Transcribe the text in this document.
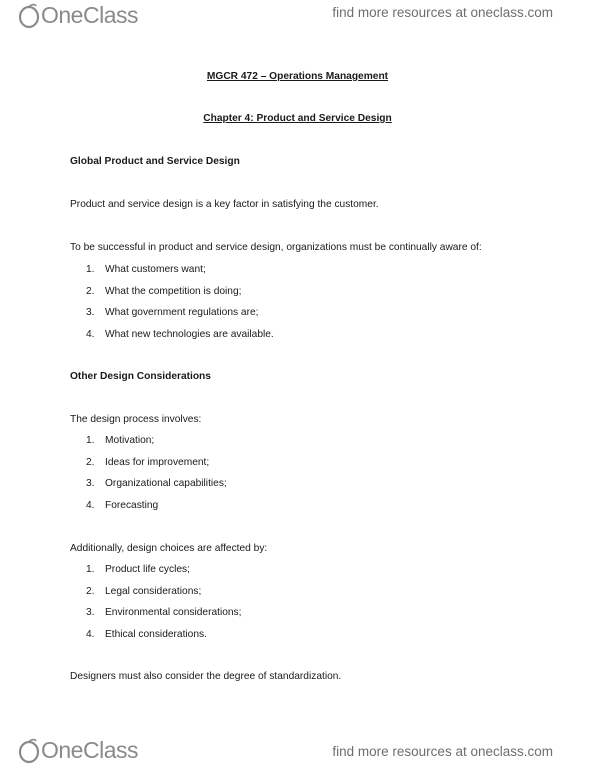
OneClass	find more resources at oneclass.com
MGCR 472 – Operations Management
Chapter 4: Product and Service Design
Global Product and Service Design
Product and service design is a key factor in satisfying the customer.
To be successful in product and service design, organizations must be continually aware of:
1.	What customers want;
2.	What the competition is doing;
3.	What government regulations are;
4.	What new technologies are available.
Other Design Considerations
The design process involves:
1.	Motivation;
2.	Ideas for improvement;
3.	Organizational capabilities;
4.	Forecasting
Additionally, design choices are affected by:
1.	Product life cycles;
2.	Legal considerations;
3.	Environmental considerations;
4.	Ethical considerations.
Designers must also consider the degree of standardization.
OneClass	find more resources at oneclass.com
